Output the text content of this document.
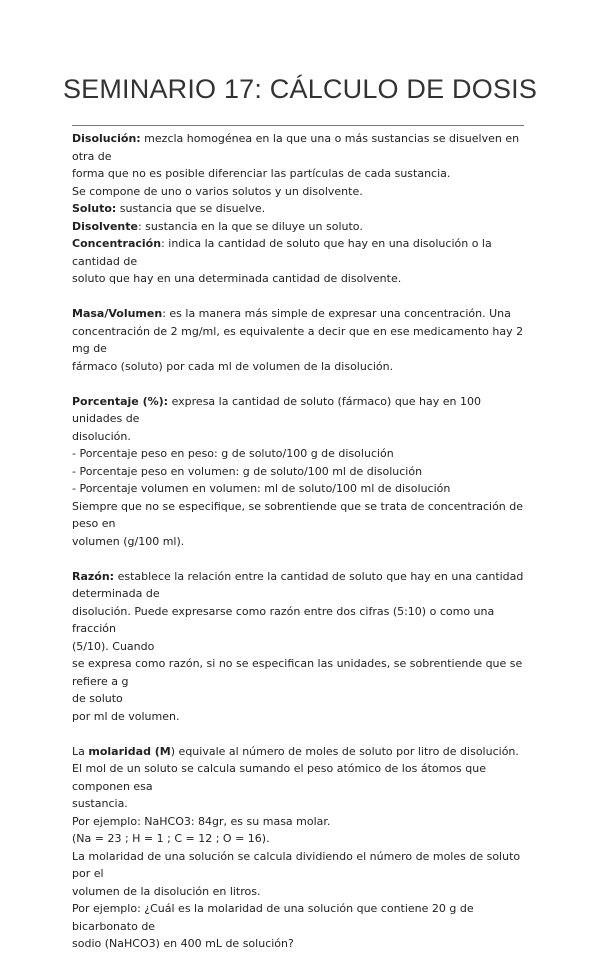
SEMINARIO 17: CÁLCULO DE DOSIS

Disolución: mezcla homogénea en la que una o más sustancias se disuelven en otra de

forma que no es posible diferenciar las partículas de cada sustancia.

Se compone de uno o varios solutos y un disolvente.

Soluto: sustancia que se disuelve.

Disolvente: sustancia en la que se diluye un soluto.

Concentración: indica la cantidad de soluto que hay en una disolución o la cantidad de

soluto que hay en una determinada cantidad de disolvente.

Masa/Volumen: es la manera más simple de expresar una concentración. Una

concentración de 2 mg/ml, es equivalente a decir que en ese medicamento hay 2 mg de

fármaco (soluto) por cada ml de volumen de la disolución.

Porcentaje (%): expresa la cantidad de soluto (fármaco) que hay en 100 unidades de

disolución.

- Porcentaje peso en peso: g de soluto/100 g de disolución

- Porcentaje peso en volumen: g de soluto/100 ml de disolución

- Porcentaje volumen en volumen: ml de soluto/100 ml de disolución

Siempre que no se especifique, se sobrentiende que se trata de concentración de peso en

volumen (g/100 ml).

Razón: establece la relación entre la cantidad de soluto que hay en una cantidad

determinada de

disolución. Puede expresarse como razón entre dos cifras (5:10) o como una fracción

(5/10). Cuando

se expresa como razón, si no se especifican las unidades, se sobrentiende que se refiere a g

de soluto

por ml de volumen.

La molaridad (M) equivale al número de moles de soluto por litro de disolución.

El mol de un soluto se calcula sumando el peso atómico de los átomos que componen esa

sustancia.

Por ejemplo: NaHCO3: 84gr, es su masa molar.

(Na = 23 ; H = 1 ; C = 12 ; O = 16).

La molaridad de una solución se calcula dividiendo el número de moles de soluto por el

volumen de la disolución en litros.

Por ejemplo: ¿Cuál es la molaridad de una solución que contiene 20 g de bicarbonato de

sodio (NaHCO3) en 400 mL de solución?
